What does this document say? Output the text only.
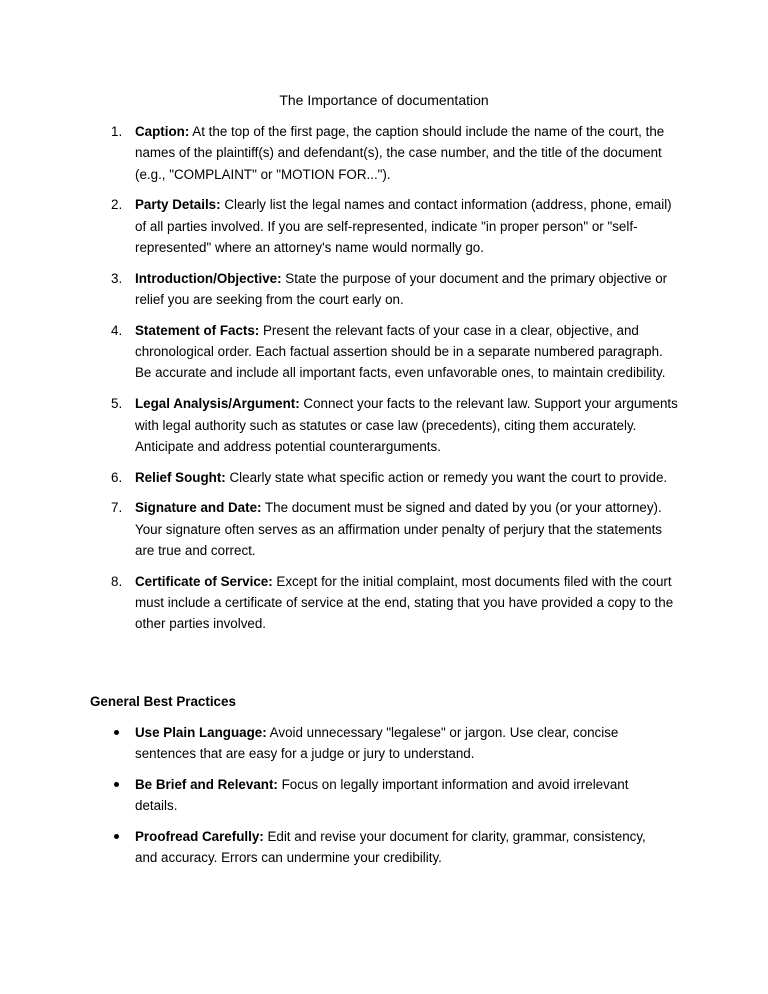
The Importance of documentation
1. Caption: At the top of the first page, the caption should include the name of the court, the names of the plaintiff(s) and defendant(s), the case number, and the title of the document (e.g., "COMPLAINT" or "MOTION FOR...").
2. Party Details: Clearly list the legal names and contact information (address, phone, email) of all parties involved. If you are self-represented, indicate "in proper person" or "self-represented" where an attorney's name would normally go.
3. Introduction/Objective: State the purpose of your document and the primary objective or relief you are seeking from the court early on.
4. Statement of Facts: Present the relevant facts of your case in a clear, objective, and chronological order. Each factual assertion should be in a separate numbered paragraph. Be accurate and include all important facts, even unfavorable ones, to maintain credibility.
5. Legal Analysis/Argument: Connect your facts to the relevant law. Support your arguments with legal authority such as statutes or case law (precedents), citing them accurately. Anticipate and address potential counterarguments.
6. Relief Sought: Clearly state what specific action or remedy you want the court to provide.
7. Signature and Date: The document must be signed and dated by you (or your attorney). Your signature often serves as an affirmation under penalty of perjury that the statements are true and correct.
8. Certificate of Service: Except for the initial complaint, most documents filed with the court must include a certificate of service at the end, stating that you have provided a copy to the other parties involved.
General Best Practices
Use Plain Language: Avoid unnecessary "legalese" or jargon. Use clear, concise sentences that are easy for a judge or jury to understand.
Be Brief and Relevant: Focus on legally important information and avoid irrelevant details.
Proofread Carefully: Edit and revise your document for clarity, grammar, consistency, and accuracy. Errors can undermine your credibility.
